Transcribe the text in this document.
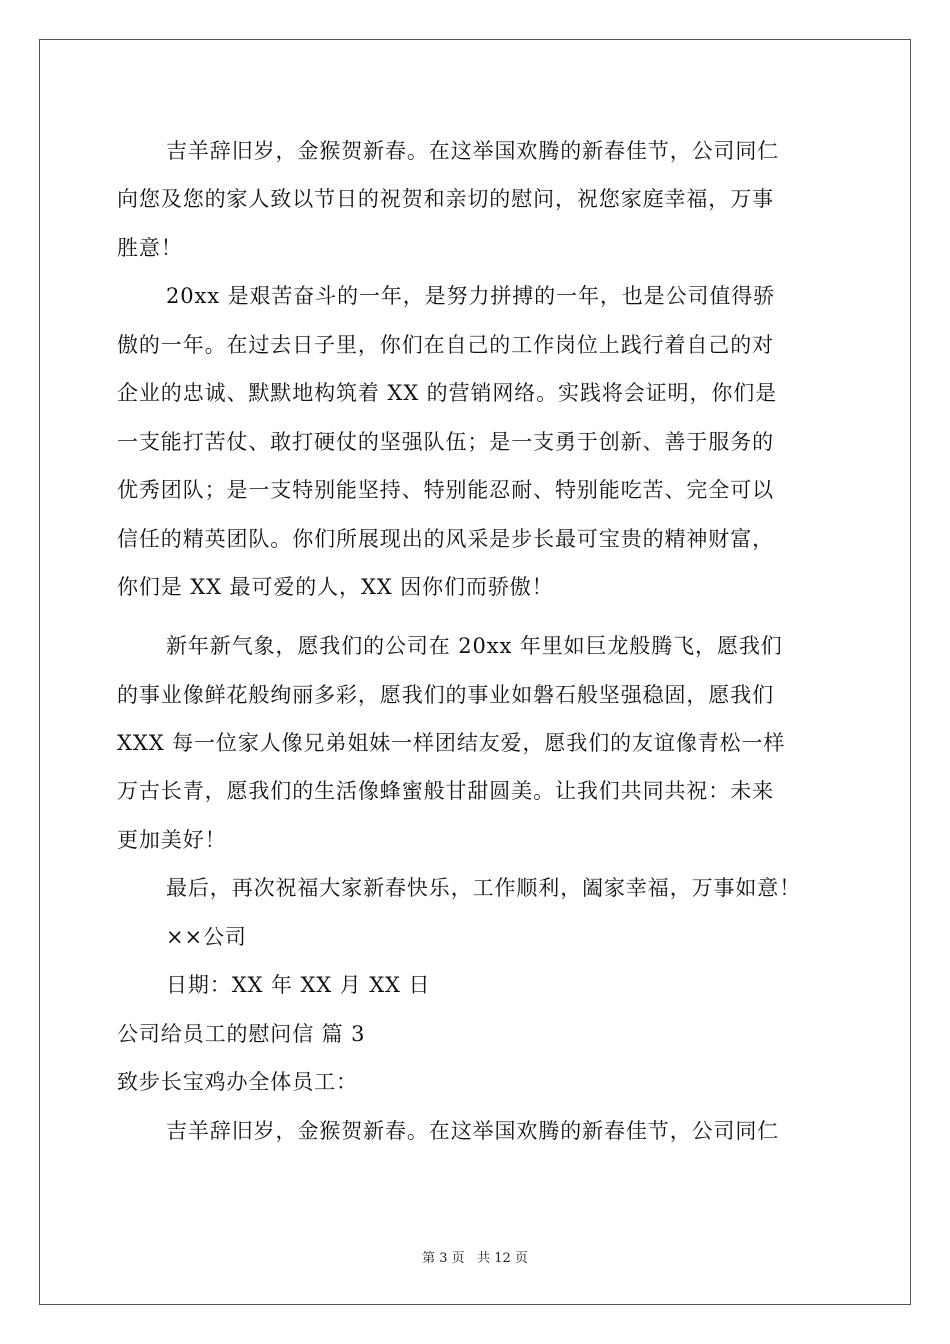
吉羊辞旧岁，金猴贺新春。在这举国欢腾的新春佳节，公司同仁
向您及您的家人致以节日的祝贺和亲切的慰问，祝您家庭幸福，万事
胜意！
20xx 是艰苦奋斗的一年，是努力拼搏的一年，也是公司值得骄
傲的一年。在过去日子里，你们在自己的工作岗位上践行着自己的对
企业的忠诚、默默地构筑着 XX 的营销网络。实践将会证明，你们是
一支能打苦仗、敢打硬仗的坚强队伍；是一支勇于创新、善于服务的
优秀团队；是一支特别能坚持、特别能忍耐、特别能吃苦、完全可以
信任的精英团队。你们所展现出的风采是步长最可宝贵的精神财富，
你们是 XX 最可爱的人，XX 因你们而骄傲！
新年新气象，愿我们的公司在 20xx 年里如巨龙般腾飞，愿我们
的事业像鲜花般绚丽多彩，愿我们的事业如磐石般坚强稳固，愿我们
XXX 每一位家人像兄弟姐妹一样团结友爱，愿我们的友谊像青松一样
万古长青，愿我们的生活像蜂蜜般甘甜圆美。让我们共同共祝：未来
更加美好！
最后，再次祝福大家新春快乐，工作顺利，阖家幸福，万事如意！
××公司
日期：XX 年 XX 月 XX 日
公司给员工的慰问信 篇 3
致步长宝鸡办全体员工：
吉羊辞旧岁，金猴贺新春。在这举国欢腾的新春佳节，公司同仁
第 3 页 共 12 页
